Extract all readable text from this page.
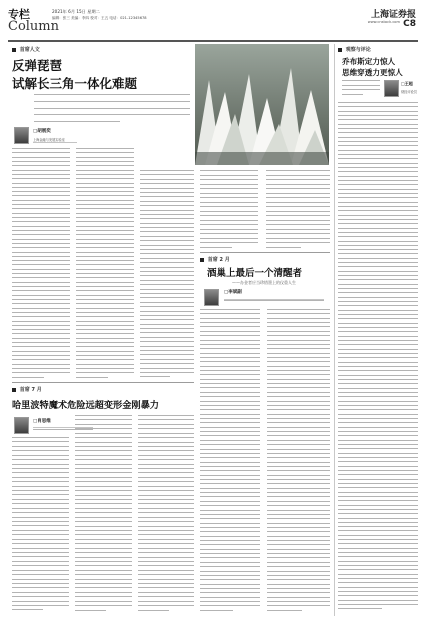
专栏
Column
2021年 6月 15日 星期二
编辑：张三 美编：李四 校对：王五 电话：021-12345678	上海证券报
www.cnstock.com C8
首席人文
反弹琵琶
试解长三角一体化难题
□胡展奕
上海金融与发展实验室
首席 2 月
酒巢上最后一个清醒者
——办金者应当珍惜墨上的仪重人生
□李斌副
首席 7 月
哈里波特魔术危险远超变形金刚暴力
□肖思维
观察与评论
乔布斯定力惊人
思维穿透力更惊人
□王超
财经评论员
